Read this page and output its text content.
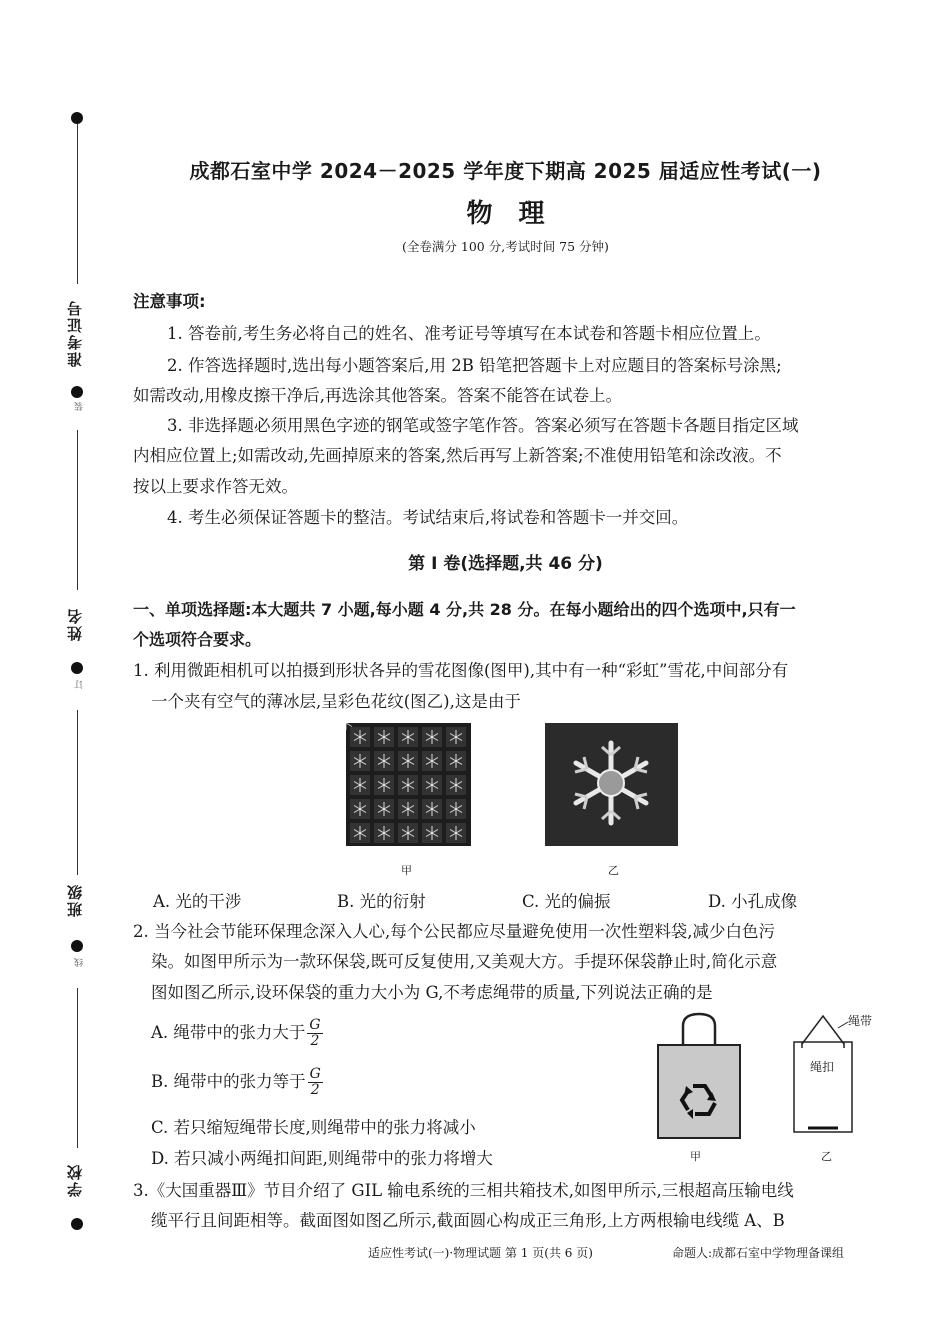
准考证号
装
姓名
订
班级
线
学校
成都石室中学 2024－2025 学年度下期高 2025 届适应性考试(一)
物理
(全卷满分 100 分,考试时间 75 分钟)
注意事项:
1. 答卷前,考生务必将自己的姓名、准考证号等填写在本试卷和答题卡相应位置上。
2. 作答选择题时,选出每小题答案后,用 2B 铅笔把答题卡上对应题目的答案标号涂黑;
如需改动,用橡皮擦干净后,再选涂其他答案。答案不能答在试卷上。
3. 非选择题必须用黑色字迹的钢笔或签字笔作答。答案必须写在答题卡各题目指定区域
内相应位置上;如需改动,先画掉原来的答案,然后再写上新答案;不准使用铅笔和涂改液。不
按以上要求作答无效。
4. 考生必须保证答题卡的整洁。考试结束后,将试卷和答题卡一并交回。
第 Ⅰ 卷(选择题,共 46 分)
一、单项选择题:本大题共 7 小题,每小题 4 分,共 28 分。在每小题给出的四个选项中,只有一
个选项符合要求。
1. 利用微距相机可以拍摄到形状各异的雪花图像(图甲),其中有一种“彩虹”雪花,中间部分有
一个夹有空气的薄冰层,呈彩色花纹(图乙),这是由于
甲	乙
A. 光的干涉	B. 光的衍射	C. 光的偏振	D. 小孔成像
2. 当今社会节能环保理念深入人心,每个公民都应尽量避免使用一次性塑料袋,减少白色污
染。如图甲所示为一款环保袋,既可反复使用,又美观大方。手提环保袋静止时,简化示意
图如图乙所示,设环保袋的重力大小为 G,不考虑绳带的质量,下列说法正确的是
A. 绳带中的张力大于 $\frac{G}{2}$
B. 绳带中的张力等于 $\frac{G}{2}$
C. 若只缩短绳带长度,则绳带中的张力将减小
D. 若只减小两绳扣间距,则绳带中的张力将增大	甲
绳带
绳扣
乙
3.《大国重器Ⅲ》节目介绍了 GIL 输电系统的三相共箱技术,如图甲所示,三根超高压输电线
缆平行且间距相等。截面图如图乙所示,截面圆心构成正三角形,上方两根输电线缆 A、B
适应性考试(一)·物理试题 第 1 页(共 6 页)	命题人:成都石室中学物理备课组
